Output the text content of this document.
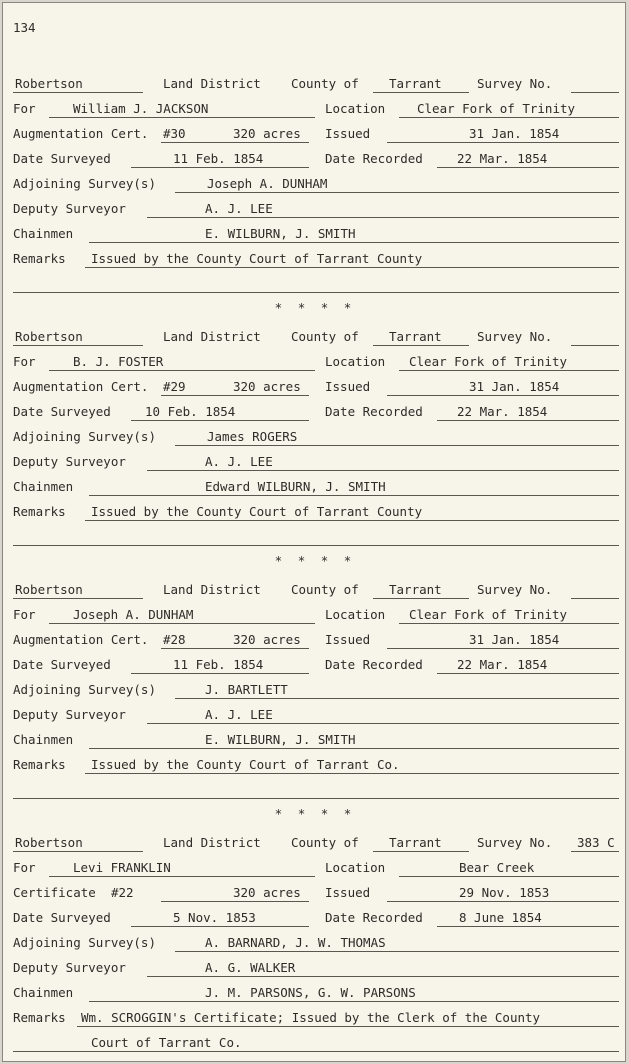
134
Robertson	Land District County of Tarrant	Survey No.
For	William J. JACKSON	Location	Clear Fork of Trinity
Augmentation Cert. #30	320 acres Issued	31 Jan. 1854
Date Surveyed	11 Feb. 1854	Date Recorded	22 Mar. 1854
Adjoining Survey(s)	Joseph A. DUNHAM
Deputy Surveyor	A. J. LEE
Chainmen	E. WILBURN, J. SMITH
Remarks Issued by the County Court of Tarrant County
* * * *
Robertson	Land District County of Tarrant	Survey No.
For	B. J. FOSTER	Location Clear Fork of Trinity
Augmentation Cert. #29	320 acres Issued	31 Jan. 1854
Date Surveyed	10 Feb. 1854	Date Recorded	22 Mar. 1854
Adjoining Survey(s)	James ROGERS
Deputy Surveyor	A. J. LEE
Chainmen	Edward WILBURN, J. SMITH
Remarks Issued by the County Court of Tarrant County
* * * *
Robertson	Land District County of Tarrant	Survey No.
For	Joseph A. DUNHAM	Location Clear Fork of Trinity
Augmentation Cert. #28	320 acres Issued	31 Jan. 1854
Date Surveyed	11 Feb. 1854	Date Recorded	22 Mar. 1854
Adjoining Survey(s)	J. BARTLETT
Deputy Surveyor	A. J. LEE
Chainmen	E. WILBURN, J. SMITH
Remarks Issued by the County Court of Tarrant Co.
* * * *
Robertson	Land District County of Tarrant	Survey No. 383 C
For	Levi FRANKLIN	Location	Bear Creek
Certificate #22	320 acres Issued	29 Nov. 1853
Date Surveyed	5 Nov. 1853	Date Recorded	8 June 1854
Adjoining Survey(s)	A. BARNARD, J. W. THOMAS
Deputy Surveyor	A. G. WALKER
Chainmen	J. M. PARSONS, G. W. PARSONS
Remarks Wm. SCROGGIN's Certificate; Issued by the Clerk of the County
Court of Tarrant Co.
